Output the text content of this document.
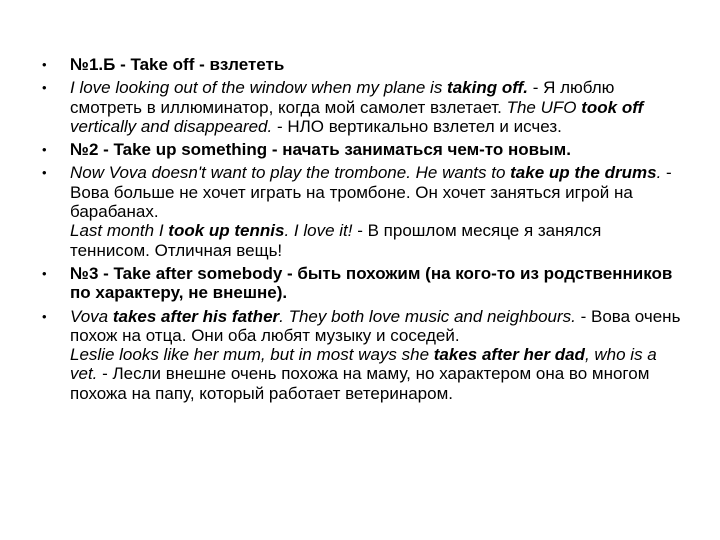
• №1.Б - Take off - взлететь
• I love looking out of the window when my plane is taking off. - Я люблю смотреть в иллюминатор, когда мой самолет взлетает. The UFO took off vertically and disappeared. - НЛО вертикально взлетел и исчез.
• №2 - Take up something - начать заниматься чем-то новым.
• Now Vova doesn't want to play the trombone. He wants to take up the drums. - Вова больше не хочет играть на тромбоне. Он хочет заняться игрой на барабанах.
Last month I took up tennis. I love it! - В прошлом месяце я занялся теннисом. Отличная вещь!
• №3 - Take after somebody - быть похожим (на кого-то из родственников по характеру, не внешне).
• Vova takes after his father. They both love music and neighbours. - Вова очень похож на отца. Они оба любят музыку и соседей.
Leslie looks like her mum, but in most ways she takes after her dad, who is a vet. - Лесли внешне очень похожа на маму, но характером она во многом похожа на папу, который работает ветеринаром.
